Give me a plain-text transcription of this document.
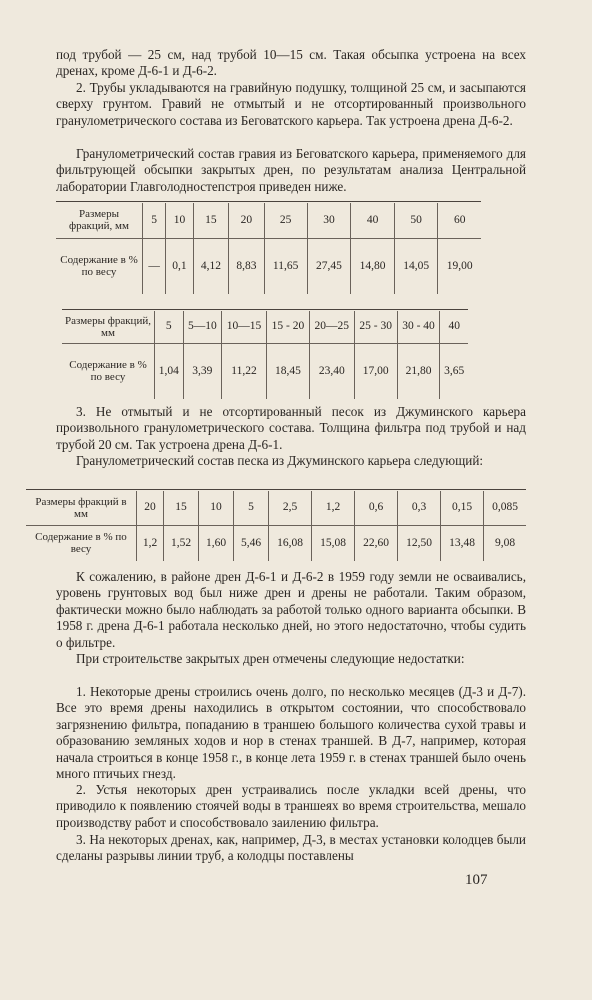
под трубой — 25 см, над трубой 10—15 см. Такая обсыпка устроена на всех дренах, кроме Д-6-1 и Д-6-2.

2. Трубы укладываются на гравийную подушку, толщиной 25 см, и засыпаются сверху грунтом. Гравий не отмытый и не отсортированный произвольного гранулометрического состава из Беговатского карьера. Так устроена дрена Д-6-2.

Гранулометрический состав гравия из Беговатского карьера, применяемого для фильтрующей обсыпки закрытых дрен, по результатам анализа Центральной лаборатории Главголодностепстроя приведен ниже.

Размеры фракций, мм	5	10	15	20	25	30	40	50	60
Содержание в % по весу	—	0,1	4,12	8,83	11,65	27,45	14,80	14,05	19,00
Размеры фракций, мм	5	5—10	10—15	15 - 20	20—25	25 - 30	30 - 40	40
Содержание в % по весу	1,04	3,39	11,22	18,45	23,40	17,00	21,80	3,65

3. Не отмытый и не отсортированный песок из Джуминского карьера произвольного гранулометрического состава. Толщина фильтра под трубой и над трубой 20 см. Так устроена дрена Д-6-1.

Гранулометрический состав песка из Джуминского карьера следующий:

Размеры фракций в мм	20	15	10	5	2,5	1,2	0,6	0,3	0,15	0,085
Содержание в % по весу	1,2	1,52	1,60	5,46	16,08	15,08	22,60	12,50	13,48	9,08

К сожалению, в районе дрен Д-6-1 и Д-6-2 в 1959 году земли не осваивались, уровень грунтовых вод был ниже дрен и дрены не работали. Таким образом, фактически можно было наблюдать за работой только одного варианта обсыпки. В 1958 г. дрена Д-6-1 работала несколько дней, но этого недостаточно, чтобы судить о фильтре.

При строительстве закрытых дрен отмечены следующие недостатки:

1. Некоторые дрены строились очень долго, по несколько месяцев (Д-3 и Д-7). Все это время дрены находились в открытом состоянии, что способствовало загрязнению фильтра, попаданию в траншею большого количества сухой травы и образованию земляных ходов и нор в стенах траншей. В Д-7, например, которая начала строиться в конце 1958 г., в конце лета 1959 г. в стенах траншей было очень много птичьих гнезд.

2. Устья некоторых дрен устраивались после укладки всей дрены, что приводило к появлению стоячей воды в траншеях во время строительства, мешало производству работ и способствовало заилению фильтра.

3. На некоторых дренах, как, например, Д-3, в местах установки колодцев были сделаны разрывы линии труб, а колодцы поставлены

107
